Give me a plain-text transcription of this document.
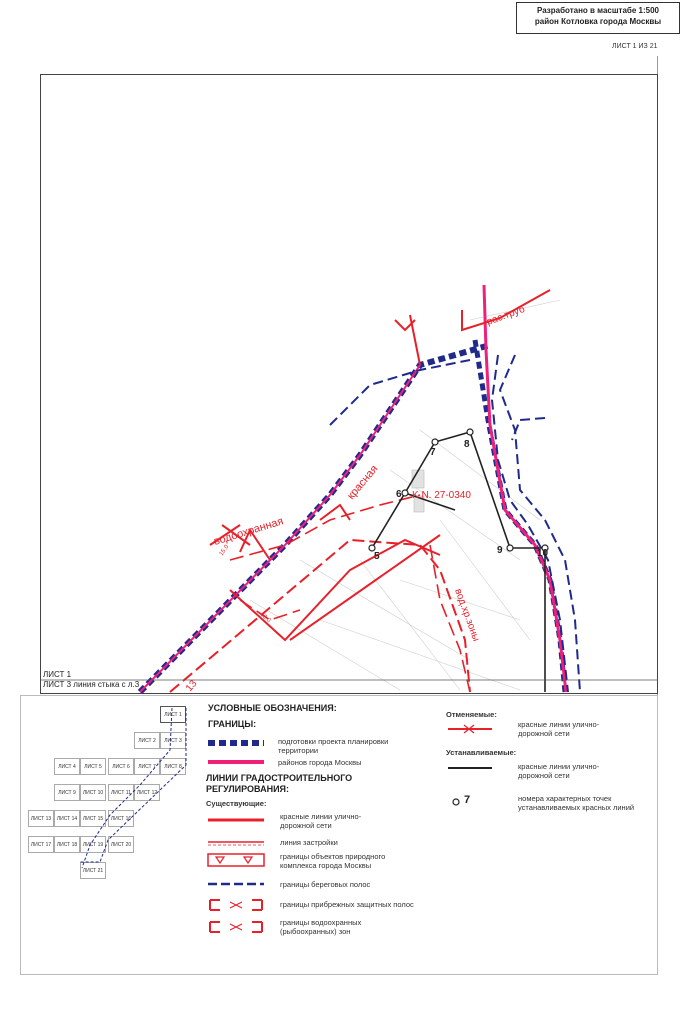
Разработано в масштабе 1:500
район Котловка города Москвы
ЛИСТ 1 ИЗ 21
5
6
7
8
9	10
водоохранная
красная
рас.труб
K.N. 27-0340
вод.хр.зоны
15.0
40.0
13
ЛИСТ 1
ЛИСТ 3 линия стыка с л.3
ЛИСТ 1
ЛИСТ 2	ЛИСТ 3
ЛИСТ 4	ЛИСТ 5	ЛИСТ 6	ЛИСТ 7	ЛИСТ 8
ЛИСТ 9	ЛИСТ 10	ЛИСТ 11	ЛИСТ 12
ЛИСТ 13	ЛИСТ 14	ЛИСТ 15	ЛИСТ 16
ЛИСТ 17	ЛИСТ 18	ЛИСТ 19	ЛИСТ 20
ЛИСТ 21
УСЛОВНЫЕ ОБОЗНАЧЕНИЯ:
ГРАНИЦЫ:
подготовки проекта планировки территории
районов города Москвы
ЛИНИИ ГРАДОСТРОИТЕЛЬНОГО РЕГУЛИРОВАНИЯ:
Существующие:
красные линии улично-дорожной сети
линия застройки
границы объектов природного комплекса города Москвы
границы береговых полос
границы прибрежных защитных полос
границы водоохранных (рыбоохранных) зон
Отменяемые:
красные линии улично-дорожной сети
Устанавливаемые:
красные линии улично-дорожной сети
7	номера характерных точек устанавливаемых красных линий
